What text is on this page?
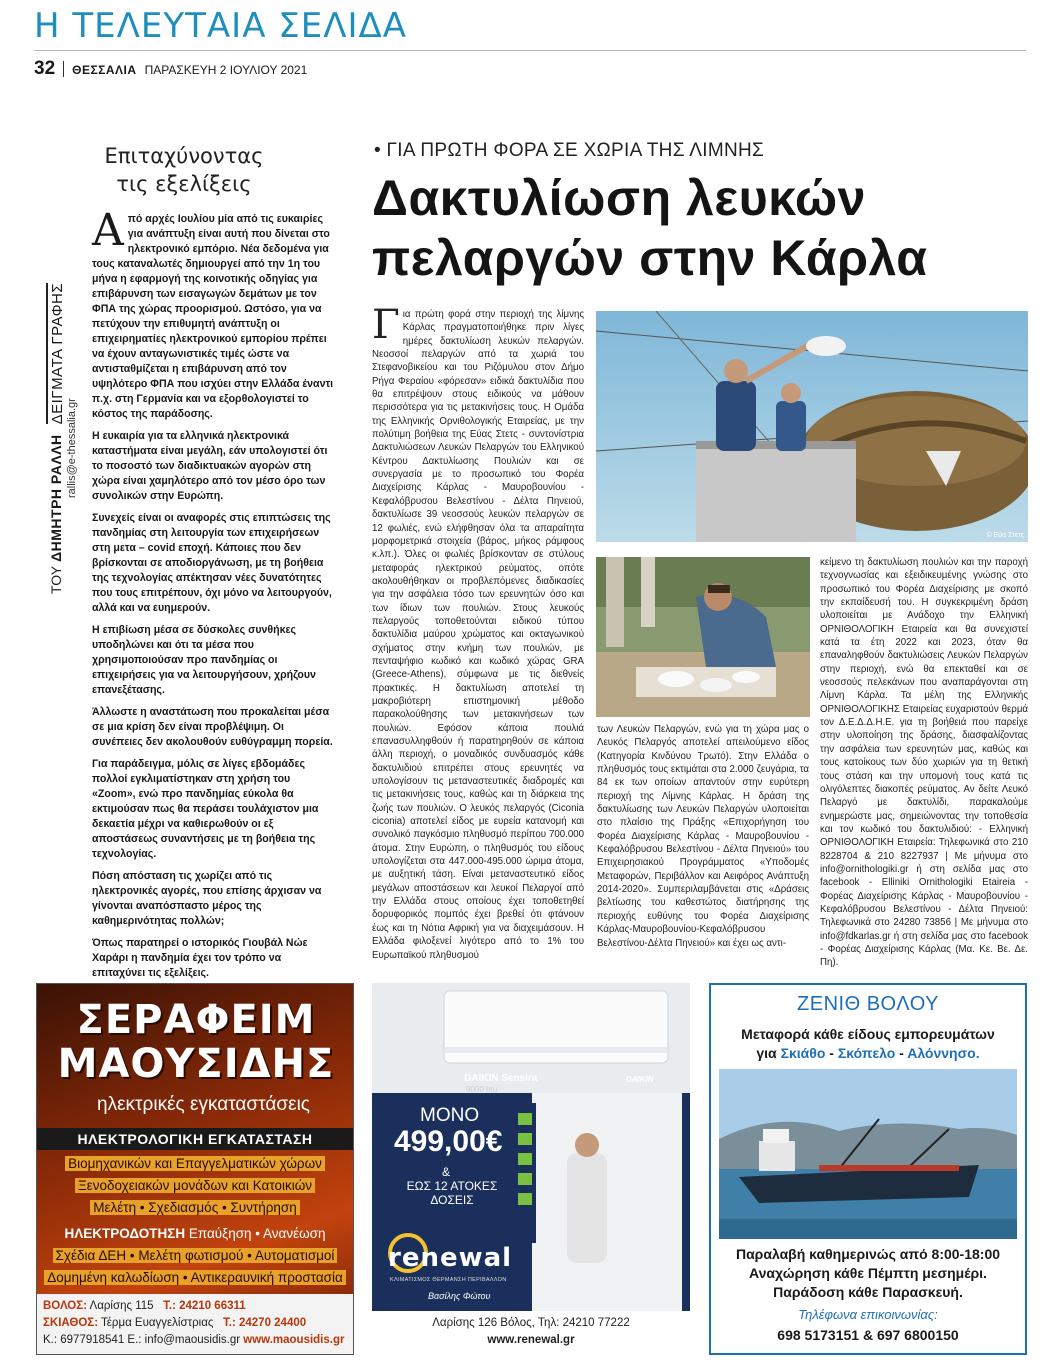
Η ΤΕΛΕΥΤΑΙΑ ΣΕΛΙΔΑ
32 ΘΕΣΣΑΛΙΑ ΠΑΡΑΣΚΕΥΗ 2 ΙΟΥΛΙΟΥ 2021
Επιταχύνοντας
τις εξελίξεις
ΤΟΥ
ΔΗΜΗΤΡΗ ΡΑΛΛΗ
ΔΕΙΓΜΑΤΑ ΓΡΑΦΗΣ
rallis@e-thessalia.gr

Από αρχές Ιουλίου μία από τις ευκαιρίες για ανάπτυξη είναι αυτή που δίνεται στο ηλεκτρονικό εμπόριο. Νέα δεδομένα για τους καταναλωτές δημιουργεί από την 1η του μήνα η εφαρμογή της κοινοτικής οδηγίας για επιβάρυνση των εισαγωγών δεμάτων με τον ΦΠΑ της χώρας προορισμού. Ωστόσο, για να πετύχουν την επιθυμητή ανάπτυξη οι επιχειρηματίες ηλεκτρονικού εμπορίου πρέπει να έχουν ανταγωνιστικές τιμές ώστε να αντισταθμίζεται η επιβάρυνση από τον υψηλότερο ΦΠΑ που ισχύει στην Ελλάδα έναντι π.χ. στη Γερμανία και να εξορθολογιστεί το κόστος της παράδοσης.

Η ευκαιρία για τα ελληνικά ηλεκτρονικά καταστήματα είναι μεγάλη, εάν υπολογιστεί ότι το ποσοστό των διαδικτυακών αγορών στη χώρα είναι χαμηλότερο από τον μέσο όρο των συνολικών στην Ευρώπη.

Συνεχείς είναι οι αναφορές στις επιπτώσεις της πανδημίας στη λειτουργία των επιχειρήσεων στη μετα – covid εποχή. Κάποιες που δεν βρίσκονται σε αποδιοργάνωση, με τη βοήθεια της τεχνολογίας απέκτησαν νέες δυνατότητες που τους επιτρέπουν, όχι μόνο να λειτουργούν, αλλά και να ευημερούν.

Η επιβίωση μέσα σε δύσκολες συνθήκες υποδηλώνει και ότι τα μέσα που χρησιμοποιούσαν προ πανδημίας οι επιχειρήσεις για να λειτουργήσουν, χρήζουν επανεξέτασης.

Άλλωστε η αναστάτωση που προκαλείται μέσα σε μια κρίση δεν είναι προβλέψιμη. Οι συνέπειες δεν ακολουθούν ευθύγραμμη πορεία.

Για παράδειγμα, μόλις σε λίγες εβδομάδες πολλοί εγκλιματίστηκαν στη χρήση του «Zoom», ενώ προ πανδημίας εύκολα θα εκτιμούσαν πως θα περάσει τουλάχιστον μια δεκαετία μέχρι να καθιερωθούν οι εξ αποστάσεως συναντήσεις με τη βοήθεια της τεχνολογίας.

Πόση απόσταση τις χωρίζει από τις ηλεκτρονικές αγορές, που επίσης άρχισαν να γίνονται αναπόσπαστο μέρος της καθημερινότητας πολλών;

Όπως παρατηρεί ο ιστορικός Γιουβάλ Νώε Χαράρι η πανδημία έχει τον τρόπο να επιταχύνει τις εξελίξεις.

• ΓΙΑ ΠΡΩΤΗ ΦΟΡΑ ΣΕ ΧΩΡΙΑ ΤΗΣ ΛΙΜΝΗΣ
Δακτυλίωση λευκών
πελαργών στην Κάρλα
Για πρώτη φορά στην περιοχή της λίμνης Κάρλας πραγματοποιήθηκε πριν λίγες ημέρες δακτυλίωση λευκών πελαργών. Νεοσσοί πελαργών από τα χωριά του Στεφανοβικείου και του Ριζόμυλου στον Δήμο Ρήγα Φεραίου «φόρεσαν» ειδικά δακτυλίδια που θα επιτρέψουν στους ειδικούς να μάθουν περισσότερα για τις μετακινήσεις τους. Η Ομάδα της Ελληνικής Ορνιθολογικής Εταιρείας, με την πολύτιμη βοήθεια της Εύας Στετς - συντονίστρια Δακτυλιώσεων Λευκών Πελαργών του Ελληνικού Κέντρου Δακτυλίωσης Πουλιών και σε συνεργασία με το προσωπικό του Φορέα Διαχείρισης Κάρλας - Μαυροβουνίου - Κεφαλόβρυσου Βελεστίνου - Δέλτα Πηνειού, δακτυλίωσε 39 νεοσσούς λευκών πελαργών σε 12 φωλιές, ενώ ελήφθησαν όλα τα απαραίτητα μορφομετρικά στοιχεία (βάρος, μήκος ράμφους κ.λπ.). Όλες οι φωλιές βρίσκονταν σε στύλους μεταφοράς ηλεκτρικού ρεύματος, οπότε ακολουθήθηκαν οι προβλεπόμενες διαδικασίες για την ασφάλεια τόσο των ερευνητών όσο και των ίδιων των πουλιών. Στους λευκούς πελαργούς τοποθετούνται ειδικού τύπου δακτυλίδια μαύρου χρώματος και οκταγωνικού σχήματος στην κνήμη των πουλιών, με πενταψήφιο κωδικό και κωδικό χώρας GRA (Greece-Athens), σύμφωνα με τις διεθνείς πρακτικές. Η δακτυλίωση αποτελεί τη μακροβιότερη επιστημονική μέθοδο παρακολούθησης των μετακινήσεων των πουλιών. Εφόσον κάποια πουλιά επανασυλληφθούν ή παρατηρηθούν σε κάποια άλλη περιοχή, ο μοναδικός συνδυασμός κάθε δακτυλιδιού επιτρέπει στους ερευνητές να υπολογίσουν τις μεταναστευτικές διαδρομές και τις μετακινήσεις τους, καθώς και τη διάρκεια της ζωής των πουλιών. Ο λευκός πελαργός (Ciconia ciconia) αποτελεί είδος με ευρεία κατανομή και συνολικό παγκόσμιο πληθυσμό περίπου 700.000 άτομα. Στην Ευρώπη, ο πληθυσμός του είδους υπολογίζεται στα 447.000-495.000 ώριμα άτομα, με αυξητική τάση. Είναι μεταναστευτικό είδος μεγάλων αποστάσεων και λευκοί Πελαργοί από την Ελλάδα στους οποίους έχει τοποθετηθεί δορυφορικός πομπός έχει βρεθεί ότι φτάνουν έως και τη Νότια Αφρική για να διαχειμάσουν. Η Ελλάδα φιλοξενεί λιγότερο από το 1% του Ευρωπαϊκού πληθυσμού
© Εύα Στετς
των Λευκών Πελαργών, ενώ για τη χώρα μας ο Λευκός Πελαργός αποτελεί απειλούμενο είδος (Κατηγορία Κινδύνου Τρωτό). Στην Ελλάδα ο πληθυσμός τους εκτιμάται στα 2.000 ζευγάρια, τα 84 εκ των οποίων απαντούν στην ευρύτερη περιοχή της Λίμνης Κάρλας. Η δράση της δακτυλίωσης των Λευκών Πελαργών υλοποιείται στο πλαίσιο της Πράξης «Επιχορήγηση του Φορέα Διαχείρισης Κάρλας - Μαυροβουνίου - Κεφαλόβρυσου Βελεστίνου - Δέλτα Πηνειού» του Επιχειρησιακού Προγράμματος «Υποδομές Μεταφορών, Περιβάλλον και Αειφόρος Ανάπτυξη 2014-2020». Συμπεριλαμβάνεται στις «Δράσεις βελτίωσης του καθεστώτος διατήρησης της περιοχής ευθύνης του Φορέα Διαχείρισης Κάρλας-Μαυροβουνίου-Κεφαλόβρυσου Βελεστίνου-Δέλτα Πηνειού» και έχει ως αντι-
κείμενο τη δακτυλίωση πουλιών και την παροχή τεχνογνωσίας και εξειδικευμένης γνώσης στο προσωπικό του Φορέα Διαχείρισης με σκοπό την εκπαίδευσή του. Η συγκεκριμένη δράση υλοποιείται με Ανάδοχο την Ελληνική ΟΡΝΙΘΟΛΟΓΙΚΗ Εταιρεία και θα συνεχιστεί κατά τα έτη 2022 και 2023, όταν θα επαναληφθούν δακτυλιώσεις Λευκών Πελαργών στην περιοχή, ενώ θα επεκταθεί και σε νεοσσούς πελεκάνων που αναπαράγονται στη Λίμνη Κάρλα. Τα μέλη της Ελληνικής ΟΡΝΙΘΟΛΟΓΙΚΗΣ Εταιρείας ευχαριστούν θερμά τον Δ.Ε.Δ.Δ.Η.Ε. για τη βοήθειά που παρείχε στην υλοποίηση της δράσης, διασφαλίζοντας την ασφάλεια των ερευνητών μας, καθώς και τους κατοίκους των δύο χωριών για τη θετική τους στάση και την υπομονή τους κατά τις ολιγόλεπτες διακοπές ρεύματος. Αν δείτε Λευκό Πελαργό με δακτυλίδι, παρακαλούμε ενημερώστε μας, σημειώνοντας την τοποθεσία και τον κωδικό του δακτυλιδιού: - Ελληνική ΟΡΝΙΘΟΛΟΓΙΚΗ Εταιρεία: Τηλεφωνικά στο 210 8228704 & 210 8227937 | Με μήνυμα στο info@ornithologiki.gr ή στη σελίδα μας στο facebook - Elliniki Ornithologiki Etaireia - Φορέας Διαχείρισης Κάρλας - Μαυροβουνίου - Κεφαλόβρυσου Βελεστίνου - Δέλτα Πηνειού: Τηλεφωνικά στο 24280 73856 | Με μήνυμα στο info@fdkarlas.gr ή στη σελίδα μας στο facebook - Φορέας Διαχείρισης Κάρλας (Μα. Κε. Βε. Δε. Πη).
ΣΕΡΑΦΕΙΜ
ΜΑΟΥΣΙΔΗΣ
ηλεκτρικές εγκαταστάσεις
ΗΛΕΚΤΡΟΛΟΓΙΚΗ ΕΓΚΑΤΑΣΤΑΣΗ
Βιομηχανικών και Επαγγελματικών χώρων
Ξενοδοχειακών μονάδων και Κατοικιών
Μελέτη • Σχεδιασμός • Συντήρηση
ΗΛΕΚΤΡΟΔΟΤΗΣΗ Επαύξηση • Ανανέωση
Σχέδια ΔΕΗ • Μελέτη φωτισμού • Αυτοματισμοί
Δομημένη καλωδίωση • Αντικεραυνική προστασία
ΒΟΛΟΣ: Λαρίσης 115 Τ.: 24210 66311
ΣΚΙΑΘΟΣ: Τέρμα Ευαγγελίστριας Τ.: 24270 24400
Κ.: 6977918541 Ε.: info@maousidis.gr www.maousidis.gr
DAIKIN Sensira
9000 btu
DAIKIN
ΜΟΝΟ
499,00€
&
ΕΩΣ 12 ΑΤΟΚΕΣ ΔΟΣΕΙΣ
renewal
ΚΛΙΜΑΤΙΣΜΟΣ ΘΕΡΜΑΝΣΗ ΠΕΡΙΒΑΛΛΟΝ
Βασίλης Φώτου
Λαρίσης 126 Βόλος, Τηλ: 24210 77222
www.renewal.gr
ΖΕΝΙΘ ΒΟΛΟΥ
Μεταφορά κάθε είδους εμπορευμάτων
για Σκιάθο - Σκόπελο - Αλόννησο.
Παραλαβή καθημερινώς από 8:00-18:00
Αναχώρηση κάθε Πέμπτη μεσημέρι.
Παράδοση κάθε Παρασκευή.
Τηλέφωνα επικοινωνίας:
698 5173151 & 697 6800150
